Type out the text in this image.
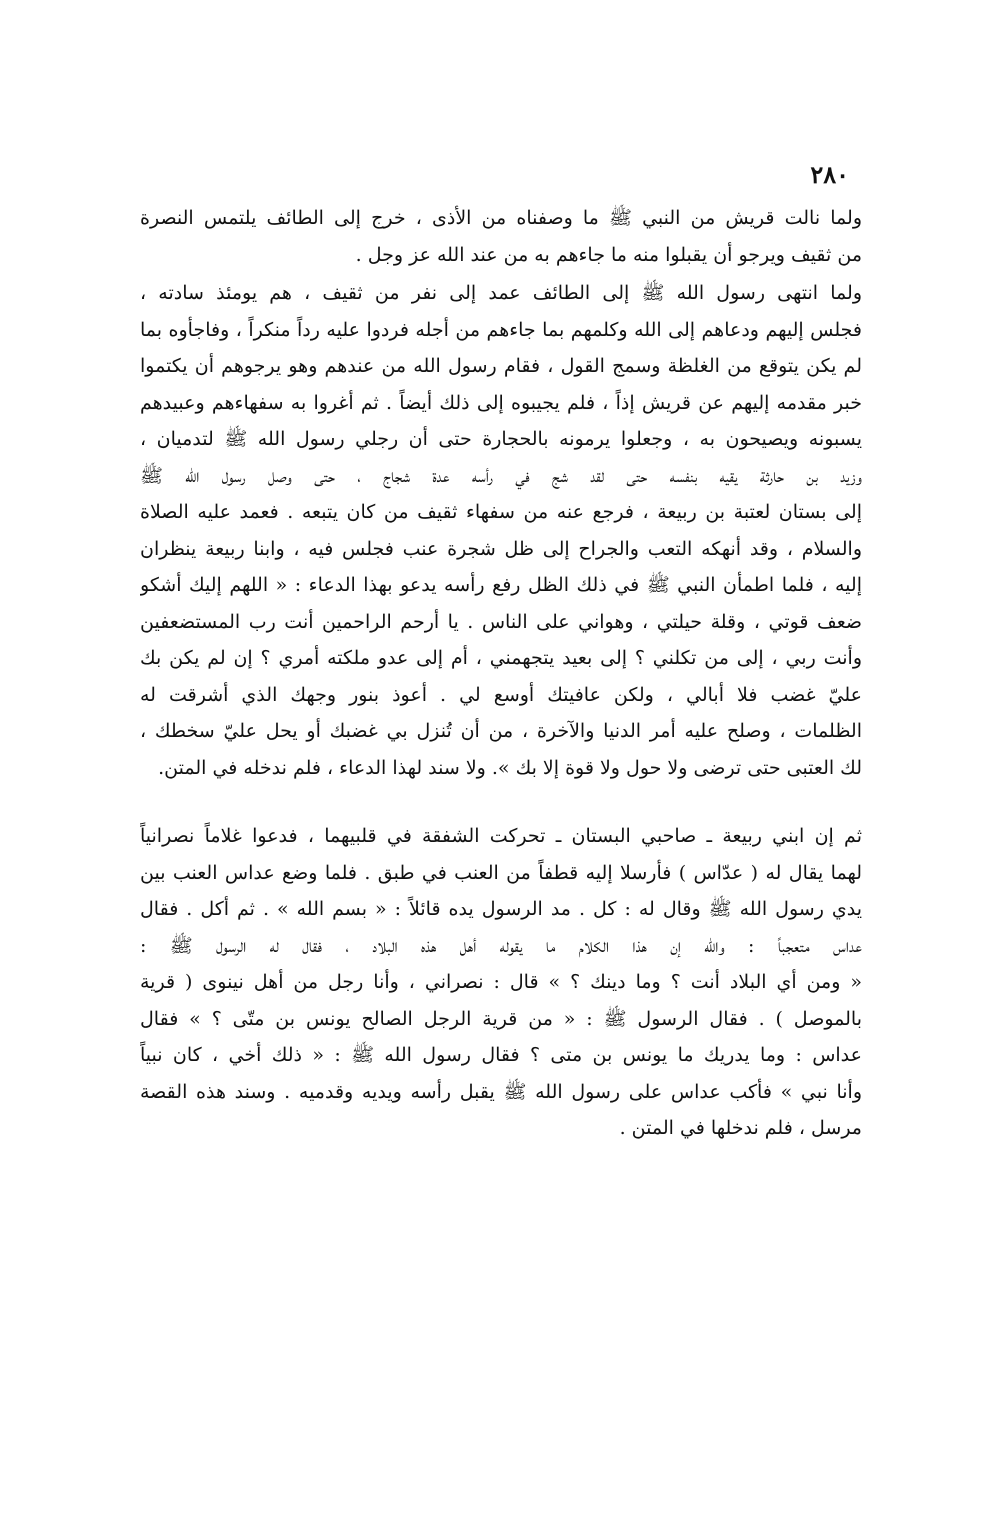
٢٨٠

ولما نالت قريش من النبي ﷺ ما وصفناه من الأذى ، خرج إلى الطائف يلتمس النصرة
من ثقيف ويرجو أن يقبلوا منه ما جاءهم به من عند الله عز وجل .

ولما انتهى رسول الله ﷺ إلى الطائف عمد إلى نفر من ثقيف ، هم يومئذ سادته ،
فجلس إليهم ودعاهم إلى الله وكلمهم بما جاءهم من أجله فردوا عليه رداً منكراً ، وفاجأوه بما
لم يكن يتوقع من الغلظة وسمج القول ، فقام رسول الله من عندهم وهو يرجوهم أن يكتموا
خبر مقدمه إليهم عن قريش إذاً ، فلم يجيبوه إلى ذلك أيضاً . ثم أغروا به سفهاءهم وعبيدهم
يسبونه ويصيحون به ، وجعلوا يرمونه بالحجارة حتى أن رجلي رسول الله ﷺ لتدميان ،
وزيد بن حارثة يقيه بنفسه حتى لقد شج في رأسه عدة شجاج ، حتى وصل رسول الله ﷺ
إلى بستان لعتبة بن ربيعة ، فرجع عنه من سفهاء ثقيف من كان يتبعه . فعمد عليه الصلاة
والسلام ، وقد أنهكه التعب والجراح إلى ظل شجرة عنب فجلس فيه ، وابنا ربيعة ينظران
إليه ، فلما اطمأن النبي ﷺ في ذلك الظل رفع رأسه يدعو بهذا الدعاء : « اللهم إليك أشكو
ضعف قوتي ، وقلة حيلتي ، وهواني على الناس . يا أرحم الراحمين أنت رب المستضعفين
وأنت ربي ، إلى من تكلني ؟ إلى بعيد يتجهمني ، أم إلى عدو ملكته أمري ؟ إن لم يكن بك
عليّ غضب فلا أبالي ، ولكن عافيتك أوسع لي . أعوذ بنور وجهك الذي أشرقت له
الظلمات ، وصلح عليه أمر الدنيا والآخرة ، من أن تُنزل بي غضبك أو يحل عليّ سخطك ،
لك العتبى حتى ترضى ولا حول ولا قوة إلا بك ». ولا سند لهذا الدعاء ، فلم ندخله في المتن.

ثم إن ابني ربيعة ـ صاحبي البستان ـ تحركت الشفقة في قلبيهما ، فدعوا غلاماً نصرانياً
لهما يقال له ( عدّاس ) فأرسلا إليه قطفاً من العنب في طبق . فلما وضع عداس العنب بين
يدي رسول الله ﷺ وقال له : كل . مد الرسول يده قائلاً : « بسم الله » . ثم أكل . فقال
عداس متعجباً : والله إن هذا الكلام ما يقوله أهل هذه البلاد ، فقال له الرسول ﷺ :
« ومن أي البلاد أنت ؟ وما دينك ؟ » قال : نصراني ، وأنا رجل من أهل نينوى ( قرية
بالموصل ) . فقال الرسول ﷺ : « من قرية الرجل الصالح يونس بن متّى ؟ » فقال
عداس : وما يدريك ما يونس بن متى ؟ فقال رسول الله ﷺ : « ذلك أخي ، كان نبياً
وأنا نبي » فأكب عداس على رسول الله ﷺ يقبل رأسه ويديه وقدميه . وسند هذه القصة
مرسل ، فلم ندخلها في المتن .
